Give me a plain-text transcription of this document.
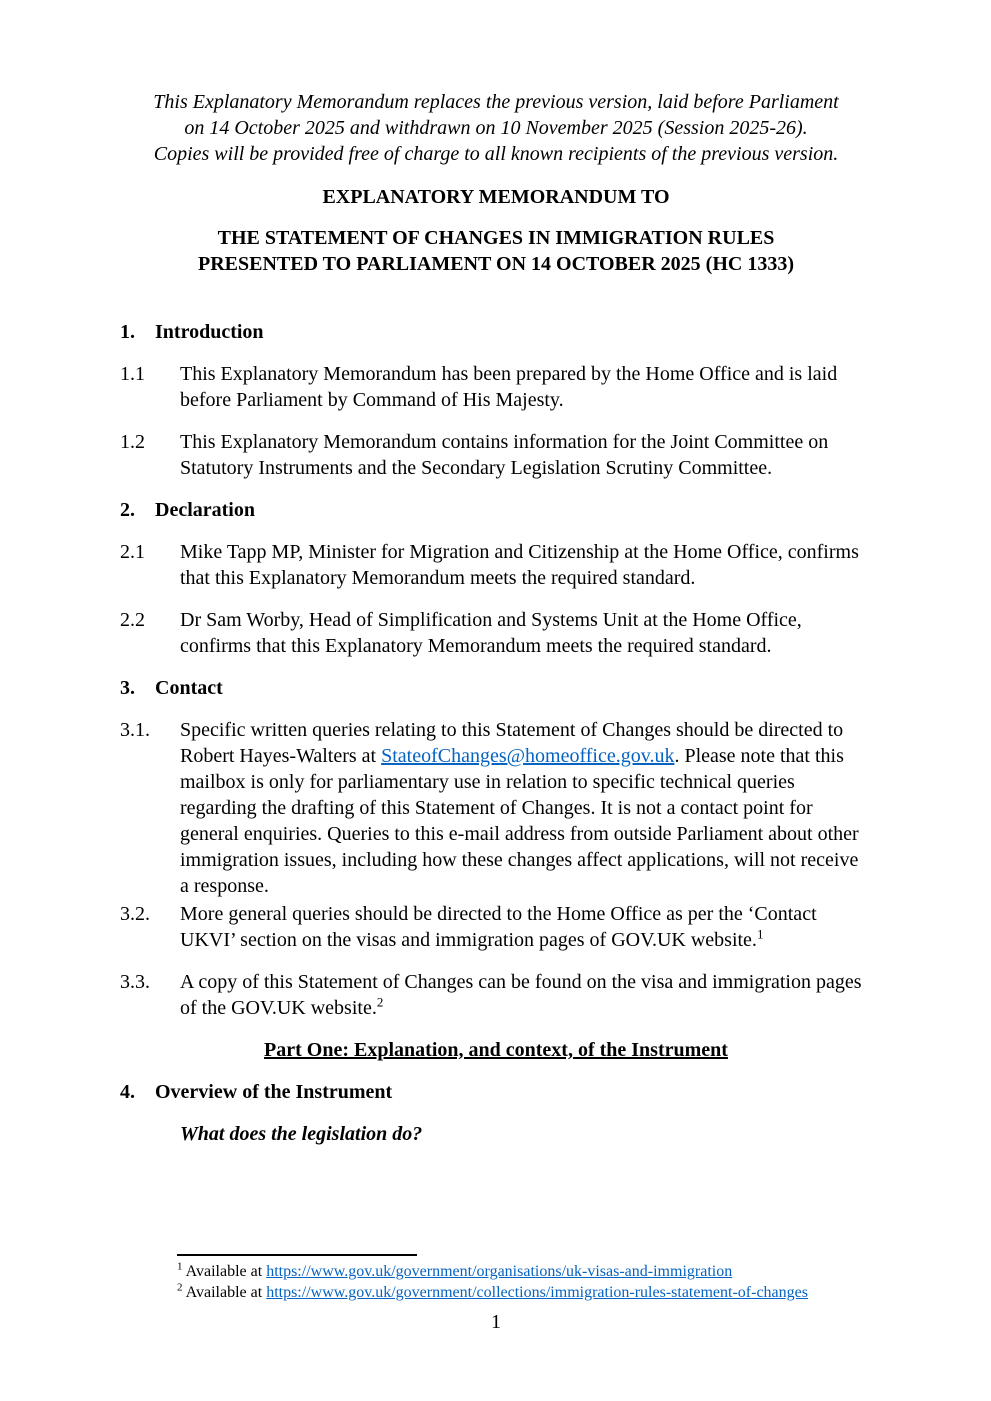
This Explanatory Memorandum replaces the previous version, laid before Parliament
on 14 October 2025 and withdrawn on 10 November 2025 (Session 2025-26).
Copies will be provided free of charge to all known recipients of the previous version.
EXPLANATORY MEMORANDUM TO
THE STATEMENT OF CHANGES IN IMMIGRATION RULES
PRESENTED TO PARLIAMENT ON 14 OCTOBER 2025 (HC 1333)
1.	Introduction
1.1	This Explanatory Memorandum has been prepared by the Home Office and is laid before Parliament by Command of His Majesty.
1.2	This Explanatory Memorandum contains information for the Joint Committee on Statutory Instruments and the Secondary Legislation Scrutiny Committee.
2.	Declaration
2.1	Mike Tapp MP, Minister for Migration and Citizenship at the Home Office, confirms that this Explanatory Memorandum meets the required standard.
2.2	Dr Sam Worby, Head of Simplification and Systems Unit at the Home Office, confirms that this Explanatory Memorandum meets the required standard.
3.	Contact
3.1.	Specific written queries relating to this Statement of Changes should be directed to Robert Hayes-Walters at StateofChanges@homeoffice.gov.uk. Please note that this mailbox is only for parliamentary use in relation to specific technical queries regarding the drafting of this Statement of Changes. It is not a contact point for general enquiries. Queries to this e-mail address from outside Parliament about other immigration issues, including how these changes affect applications, will not receive a response.
3.2.	More general queries should be directed to the Home Office as per the ‘Contact UKVI’ section on the visas and immigration pages of GOV.UK website.$^1$
3.3.	A copy of this Statement of Changes can be found on the visa and immigration pages of the GOV.UK website.$^2$
Part One: Explanation, and context, of the Instrument
4.	Overview of the Instrument
What does the legislation do?
$^1$ Available at https://www.gov.uk/government/organisations/uk-visas-and-immigration
$^2$ Available at https://www.gov.uk/government/collections/immigration-rules-statement-of-changes
1
